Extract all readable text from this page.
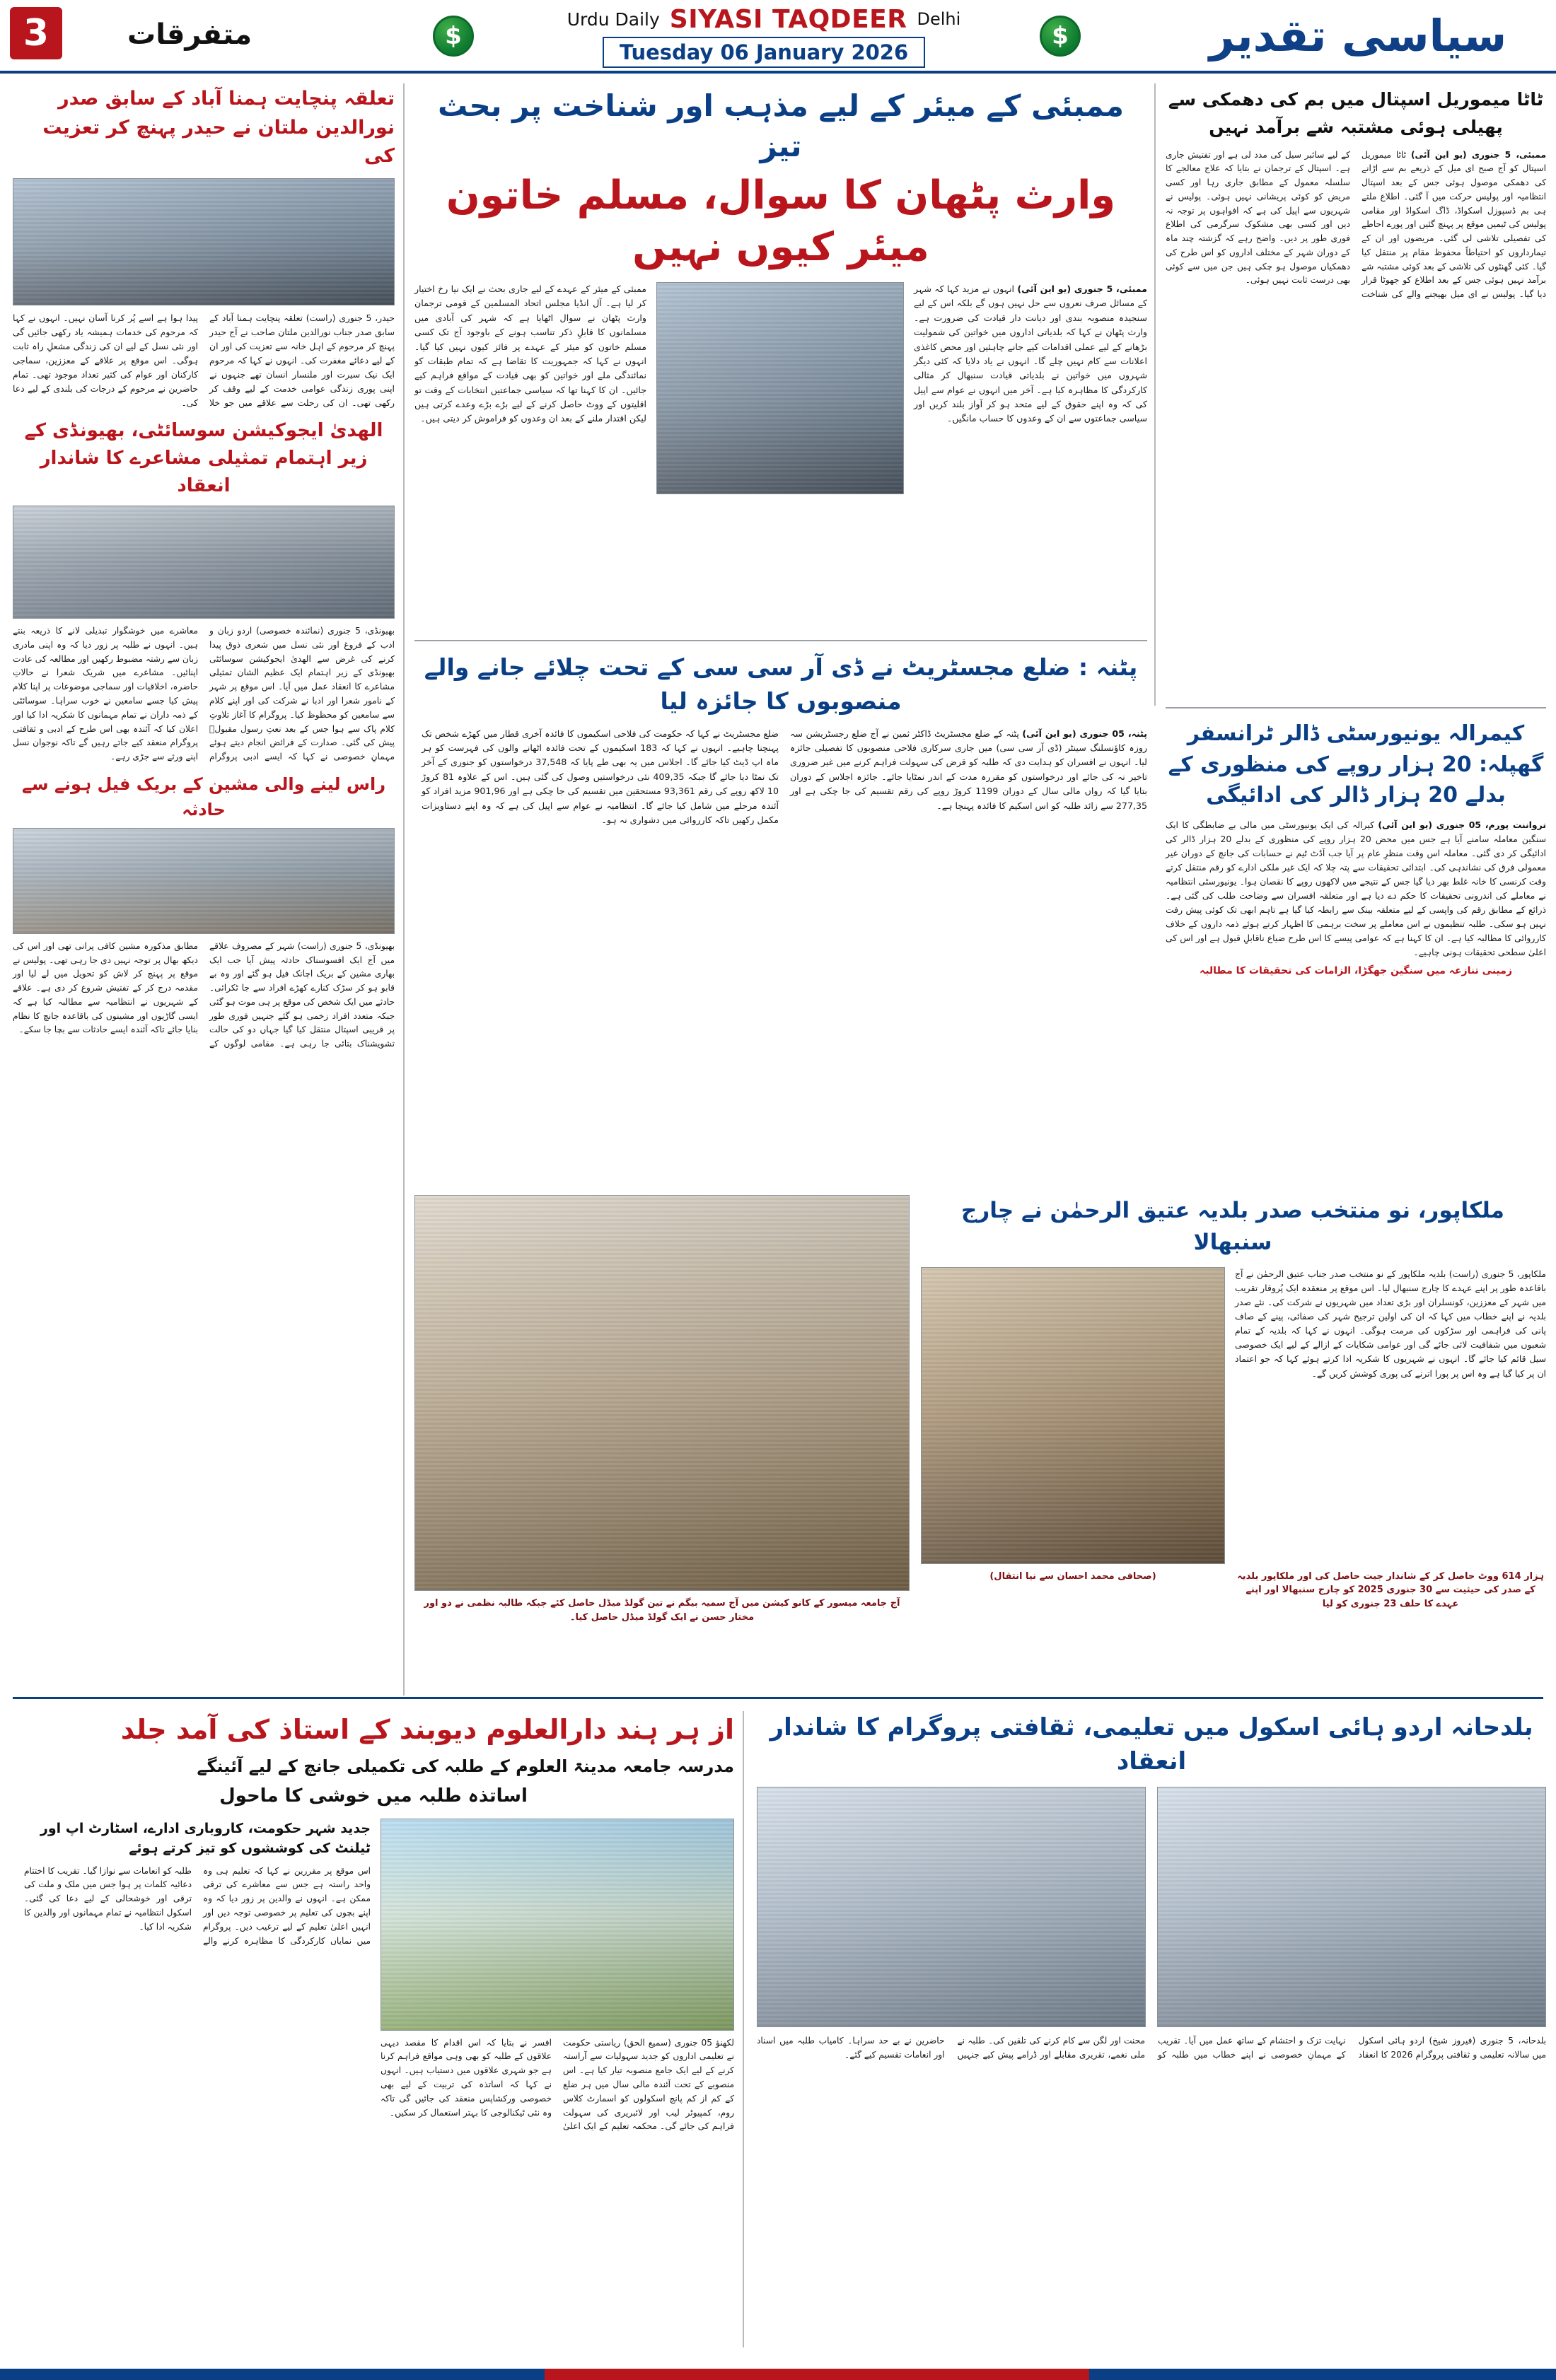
3	متفرقات	$	$
Urdu Daily SIYASI TAQDEER Delhi
Tuesday 06 January 2026	سیاسی تقدیر
تعلقہ پنچایت ہمنا آباد کے سابق صدر نورالدین ملتان نے حیدر پہنچ کر تعزیت کی
حیدر، 5 جنوری (راست) تعلقہ پنچایت ہمنا آباد کے سابق صدر جناب نورالدین ملتان صاحب نے آج حیدر پہنچ کر مرحوم کے اہل خانہ سے تعزیت کی اور ان کے لیے دعائے مغفرت کی۔ انہوں نے کہا کہ مرحوم ایک نیک سیرت اور ملنسار انسان تھے جنہوں نے اپنی پوری زندگی عوامی خدمت کے لیے وقف کر رکھی تھی۔ ان کی رحلت سے علاقے میں جو خلا پیدا ہوا ہے اسے پُر کرنا آسان نہیں۔ انہوں نے کہا کہ مرحوم کی خدمات ہمیشہ یاد رکھی جائیں گی اور نئی نسل کے لیے ان کی زندگی مشعلِ راہ ثابت ہوگی۔ اس موقع پر علاقے کے معززین، سماجی کارکنان اور عوام کی کثیر تعداد موجود تھی۔ تمام حاضرین نے مرحوم کے درجات کی بلندی کے لیے دعا کی۔
الھدیٰ ایجوکیشن سوسائٹی، بھیونڈی کے زیر اہتمام تمثیلی مشاعرے کا شاندار انعقاد
بھیونڈی، 5 جنوری (نمائندہ خصوصی) اردو زبان و ادب کے فروغ اور نئی نسل میں شعری ذوق پیدا کرنے کی غرض سے الھدیٰ ایجوکیشن سوسائٹی بھیونڈی کے زیر اہتمام ایک عظیم الشان تمثیلی مشاعرے کا انعقاد عمل میں آیا۔ اس موقع پر شہر کے نامور شعرا اور ادبا نے شرکت کی اور اپنے کلام سے سامعین کو محظوظ کیا۔ پروگرام کا آغاز تلاوتِ کلام پاک سے ہوا جس کے بعد نعتِ رسول مقبولؐ پیش کی گئی۔ صدارت کے فرائض انجام دیتے ہوئے مہمانِ خصوصی نے کہا کہ ایسے ادبی پروگرام معاشرے میں خوشگوار تبدیلی لانے کا ذریعہ بنتے ہیں۔ انہوں نے طلبہ پر زور دیا کہ وہ اپنی مادری زبان سے رشتہ مضبوط رکھیں اور مطالعہ کی عادت اپنائیں۔ مشاعرے میں شریک شعرا نے حالاتِ حاضرہ، اخلاقیات اور سماجی موضوعات پر اپنا کلام پیش کیا جسے سامعین نے خوب سراہا۔ سوسائٹی کے ذمہ داران نے تمام مہمانوں کا شکریہ ادا کیا اور اعلان کیا کہ آئندہ بھی اس طرح کے ادبی و ثقافتی پروگرام منعقد کیے جاتے رہیں گے تاکہ نوجوان نسل اپنے ورثے سے جڑی رہے۔
راس لینے والی مشین کے بریک فیل ہونے سے حادثہ
بھیونڈی، 5 جنوری (راست) شہر کے مصروف علاقے میں آج ایک افسوسناک حادثہ پیش آیا جب ایک بھاری مشین کے بریک اچانک فیل ہو گئے اور وہ بے قابو ہو کر سڑک کنارے کھڑے افراد سے جا ٹکرائی۔ حادثے میں ایک شخص کی موقع پر ہی موت ہو گئی جبکہ متعدد افراد زخمی ہو گئے جنہیں فوری طور پر قریبی اسپتال منتقل کیا گیا جہاں دو کی حالت تشویشناک بتائی جا رہی ہے۔ مقامی لوگوں کے مطابق مذکورہ مشین کافی پرانی تھی اور اس کی دیکھ بھال پر توجہ نہیں دی جا رہی تھی۔ پولیس نے موقع پر پہنچ کر لاش کو تحویل میں لے لیا اور مقدمہ درج کر کے تفتیش شروع کر دی ہے۔ علاقے کے شہریوں نے انتظامیہ سے مطالبہ کیا ہے کہ ایسی گاڑیوں اور مشینوں کی باقاعدہ جانچ کا نظام بنایا جائے تاکہ آئندہ ایسے حادثات سے بچا جا سکے۔
ٹاٹا میموریل اسپتال میں بم کی دھمکی سے پھیلی ہوئی مشتبہ شے برآمد نہیں
ممبئی، 5 جنوری (یو این آئی) ٹاٹا میموریل اسپتال کو آج صبح ای میل کے ذریعے بم سے اڑانے کی دھمکی موصول ہوئی جس کے بعد اسپتال انتظامیہ اور پولیس حرکت میں آ گئی۔ اطلاع ملتے ہی بم ڈسپوزل اسکواڈ، ڈاگ اسکواڈ اور مقامی پولیس کی ٹیمیں موقع پر پہنچ گئیں اور پورے احاطے کی تفصیلی تلاشی لی گئی۔ مریضوں اور ان کے تیمارداروں کو احتیاطاً محفوظ مقام پر منتقل کیا گیا۔ کئی گھنٹوں کی تلاشی کے بعد کوئی مشتبہ شے برآمد نہیں ہوئی جس کے بعد اطلاع کو جھوٹا قرار دیا گیا۔ پولیس نے ای میل بھیجنے والے کی شناخت کے لیے سائبر سیل کی مدد لی ہے اور تفتیش جاری ہے۔ اسپتال کے ترجمان نے بتایا کہ علاج معالجے کا سلسلہ معمول کے مطابق جاری رہا اور کسی مریض کو کوئی پریشانی نہیں ہوئی۔ پولیس نے شہریوں سے اپیل کی ہے کہ افواہوں پر توجہ نہ دیں اور کسی بھی مشکوک سرگرمی کی اطلاع فوری طور پر دیں۔ واضح رہے کہ گزشتہ چند ماہ کے دوران شہر کے مختلف اداروں کو اس طرح کی دھمکیاں موصول ہو چکی ہیں جن میں سے کوئی بھی درست ثابت نہیں ہوئی۔
ممبئی کے میئر کے لیے مذہب اور شناخت پر بحث تیز
وارث پٹھان کا سوال، مسلم خاتون میئر کیوں نہیں
ممبئی، 5 جنوری (یو این آئی) انہوں نے مزید کہا کہ شہر کے مسائل صرف نعروں سے حل نہیں ہوں گے بلکہ اس کے لیے سنجیدہ منصوبہ بندی اور دیانت دار قیادت کی ضرورت ہے۔ وارث پٹھان نے کہا کہ بلدیاتی اداروں میں خواتین کی شمولیت بڑھانے کے لیے عملی اقدامات کیے جانے چاہئیں اور محض کاغذی اعلانات سے کام نہیں چلے گا۔ انہوں نے یاد دلایا کہ کئی دیگر شہروں میں خواتین نے بلدیاتی قیادت سنبھال کر مثالی کارکردگی کا مظاہرہ کیا ہے۔ آخر میں انہوں نے عوام سے اپیل کی کہ وہ اپنے حقوق کے لیے متحد ہو کر آواز بلند کریں اور سیاسی جماعتوں سے ان کے وعدوں کا حساب مانگیں۔
ممبئی کے میئر کے عہدے کے لیے جاری بحث نے ایک نیا رخ اختیار کر لیا ہے۔ آل انڈیا مجلس اتحاد المسلمین کے قومی ترجمان وارث پٹھان نے سوال اٹھایا ہے کہ شہر کی آبادی میں مسلمانوں کا قابلِ ذکر تناسب ہونے کے باوجود آج تک کسی مسلم خاتون کو میئر کے عہدے پر فائز کیوں نہیں کیا گیا۔ انہوں نے کہا کہ جمہوریت کا تقاضا ہے کہ تمام طبقات کو نمائندگی ملے اور خواتین کو بھی قیادت کے مواقع فراہم کیے جائیں۔ ان کا کہنا تھا کہ سیاسی جماعتیں انتخابات کے وقت تو اقلیتوں کے ووٹ حاصل کرنے کے لیے بڑے بڑے وعدے کرتی ہیں لیکن اقتدار ملنے کے بعد ان وعدوں کو فراموش کر دیتی ہیں۔
پٹنہ : ضلع مجسٹریٹ نے ڈی آر سی سی کے تحت چلائے جانے والے منصوبوں کا جائزہ لیا
پٹنہ، 05 جنوری (یو این آئی) پٹنہ کے ضلع مجسٹریٹ ڈاکٹر ثمین نے آج ضلع رجسٹریشن سہ روزہ کاؤنسلنگ سینٹر (ڈی آر سی سی) میں جاری سرکاری فلاحی منصوبوں کا تفصیلی جائزہ لیا۔ انہوں نے افسران کو ہدایت دی کہ طلبہ کو قرض کی سہولت فراہم کرنے میں غیر ضروری تاخیر نہ کی جائے اور درخواستوں کو مقررہ مدت کے اندر نمٹایا جائے۔ جائزہ اجلاس کے دوران بتایا گیا کہ رواں مالی سال کے دوران 1199 کروڑ روپے کی رقم تقسیم کی جا چکی ہے اور 277,35 سے زائد طلبہ کو اس اسکیم کا فائدہ پہنچا ہے۔
ضلع مجسٹریٹ نے کہا کہ حکومت کی فلاحی اسکیموں کا فائدہ آخری قطار میں کھڑے شخص تک پہنچنا چاہیے۔ انہوں نے کہا کہ 183 اسکیموں کے تحت فائدہ اٹھانے والوں کی فہرست کو ہر ماہ اپ ڈیٹ کیا جائے گا۔ اجلاس میں یہ بھی طے پایا کہ 37,548 درخواستوں کو جنوری کے آخر تک نمٹا دیا جائے گا جبکہ 409,35 نئی درخواستیں وصول کی گئی ہیں۔ اس کے علاوہ 81 کروڑ 10 لاکھ روپے کی رقم 93,361 مستحقین میں تقسیم کی جا چکی ہے اور 901,96 مزید افراد کو آئندہ مرحلے میں شامل کیا جائے گا۔ انتظامیہ نے عوام سے اپیل کی ہے کہ وہ اپنے دستاویزات مکمل رکھیں تاکہ کارروائی میں دشواری نہ ہو۔
کیمرالہ یونیورسٹی ڈالر ٹرانسفر گھپلہ: 20 ہزار روپے کی منظوری کے بدلے 20 ہزار ڈالر کی ادائیگی
ترواننت پورم، 05 جنوری (یو این آئی) کیرالہ کی ایک یونیورسٹی میں مالی بے ضابطگی کا ایک سنگین معاملہ سامنے آیا ہے جس میں محض 20 ہزار روپے کی منظوری کے بدلے 20 ہزار ڈالر کی ادائیگی کر دی گئی۔ معاملہ اس وقت منظرِ عام پر آیا جب آڈٹ ٹیم نے حسابات کی جانچ کے دوران غیر معمولی فرق کی نشاندہی کی۔ ابتدائی تحقیقات سے پتہ چلا کہ ایک غیر ملکی ادارے کو رقم منتقل کرتے وقت کرنسی کا خانہ غلط بھر دیا گیا جس کے نتیجے میں لاکھوں روپے کا نقصان ہوا۔ یونیورسٹی انتظامیہ نے معاملے کی اندرونی تحقیقات کا حکم دے دیا ہے اور متعلقہ افسران سے وضاحت طلب کی گئی ہے۔ ذرائع کے مطابق رقم کی واپسی کے لیے متعلقہ بینک سے رابطہ کیا گیا ہے تاہم ابھی تک کوئی پیش رفت نہیں ہو سکی۔ طلبہ تنظیموں نے اس معاملے پر سخت برہمی کا اظہار کرتے ہوئے ذمہ داروں کے خلاف کارروائی کا مطالبہ کیا ہے۔ ان کا کہنا ہے کہ عوامی پیسے کا اس طرح ضیاع ناقابلِ قبول ہے اور اس کی اعلیٰ سطحی تحقیقات ہونی چاہیے۔
زمینی تنازعہ میں سنگین جھگڑا، الزامات کی تحقیقات کا مطالبہ
آج جامعہ میسور کے کانو کیشن میں آج سمیہ بیگم نے تین گولڈ میڈل حاصل کئے جبکہ طالبہ نظمی نے دو اور مختار حسن نے ایک گولڈ میڈل حاصل کیا۔
ملکاپور، نو منتخب صدر بلدیہ عتیق الرحمٰن نے چارج سنبھالا
ملکاپور، 5 جنوری (راست) بلدیہ ملکاپور کے نو منتخب صدر جناب عتیق الرحمٰن نے آج باقاعدہ طور پر اپنے عہدے کا چارج سنبھال لیا۔ اس موقع پر منعقدہ ایک پُروقار تقریب میں شہر کے معززین، کونسلران اور بڑی تعداد میں شہریوں نے شرکت کی۔ نئے صدر بلدیہ نے اپنے خطاب میں کہا کہ ان کی اولین ترجیح شہر کی صفائی، پینے کے صاف پانی کی فراہمی اور سڑکوں کی مرمت ہوگی۔ انہوں نے کہا کہ بلدیہ کے تمام شعبوں میں شفافیت لائی جائے گی اور عوامی شکایات کے ازالے کے لیے ایک خصوصی سیل قائم کیا جائے گا۔ انہوں نے شہریوں کا شکریہ ادا کرتے ہوئے کہا کہ جو اعتماد ان پر کیا گیا ہے وہ اس پر پورا اترنے کی پوری کوشش کریں گے۔
ہزار 614 ووٹ حاصل کر کے شاندار جیت حاصل کی اور ملکاپور بلدیہ کے صدر کی حیثیت سے 30 جنوری 2025 کو چارج سنبھالا اور اپنے عہدے کا حلف 23 جنوری کو لیا
(صحافی محمد احسان سے نیا انتقال)
از ہر ہند دارالعلوم دیوبند کے استاذ کی آمد جلد
مدرسہ جامعہ مدینۃ العلوم کے طلبہ کی تکمیلی جانچ کے لیے آئینگے
اساتذہ طلبہ میں خوشی کا ماحول
لکھنؤ 05 جنوری (سمیع الحق) ریاستی حکومت نے تعلیمی اداروں کو جدید سہولیات سے آراستہ کرنے کے لیے ایک جامع منصوبہ تیار کیا ہے۔ اس منصوبے کے تحت آئندہ مالی سال میں ہر ضلع کے کم از کم پانچ اسکولوں کو اسمارٹ کلاس روم، کمپیوٹر لیب اور لائبریری کی سہولت فراہم کی جائے گی۔ محکمہ تعلیم کے ایک اعلیٰ افسر نے بتایا کہ اس اقدام کا مقصد دیہی علاقوں کے طلبہ کو بھی وہی مواقع فراہم کرنا ہے جو شہری علاقوں میں دستیاب ہیں۔ انہوں نے کہا کہ اساتذہ کی تربیت کے لیے بھی خصوصی ورکشاپس منعقد کی جائیں گی تاکہ وہ نئی ٹیکنالوجی کا بہتر استعمال کر سکیں۔
جدید شہر حکومت، کاروباری ادارے، اسٹارٹ اپ اور ٹیلنٹ کی کوششوں کو تیز کرتے ہوئے
اس موقع پر مقررین نے کہا کہ تعلیم ہی وہ واحد راستہ ہے جس سے معاشرے کی ترقی ممکن ہے۔ انہوں نے والدین پر زور دیا کہ وہ اپنے بچوں کی تعلیم پر خصوصی توجہ دیں اور انہیں اعلیٰ تعلیم کے لیے ترغیب دیں۔ پروگرام میں نمایاں کارکردگی کا مظاہرہ کرنے والے طلبہ کو انعامات سے نوازا گیا۔ تقریب کا اختتام دعائیہ کلمات پر ہوا جس میں ملک و ملت کی ترقی اور خوشحالی کے لیے دعا کی گئی۔ اسکول انتظامیہ نے تمام مہمانوں اور والدین کا شکریہ ادا کیا۔
بلدحانہ اردو ہائی اسکول میں تعلیمی، ثقافتی پروگرام کا شاندار انعقاد
بلدحانہ، 5 جنوری (فیروز شیخ) اردو ہائی اسکول میں سالانہ تعلیمی و ثقافتی پروگرام 2026 کا انعقاد نہایت تزک و احتشام کے ساتھ عمل میں آیا۔ تقریب کے مہمانِ خصوصی نے اپنے خطاب میں طلبہ کو محنت اور لگن سے کام کرنے کی تلقین کی۔ طلبہ نے ملی نغمے، تقریری مقابلے اور ڈرامے پیش کیے جنہیں حاضرین نے بے حد سراہا۔ کامیاب طلبہ میں اسناد اور انعامات تقسیم کیے گئے۔
